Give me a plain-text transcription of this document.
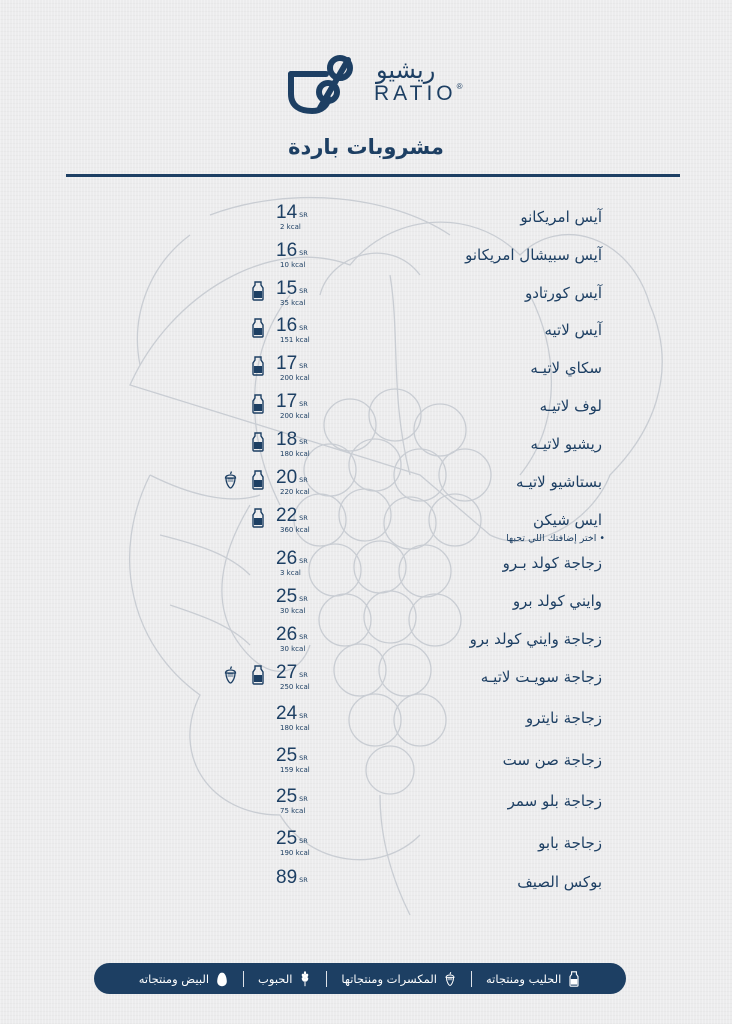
ريشيو
RATIO®
مشروبات باردة
آيس امريكانو
14 SR
2 kcal
آيس سبيشال امريكانو
16 SR
10 kcal
آيس كورتادو
15 SR
35 kcal
آيس لاتيه
16 SR
151 kcal
سكاي لاتيـه
17 SR
200 kcal
لوف لاتيـه
17 SR
200 kcal
ريشيو لاتيـه
18 SR
180 kcal
بستاشيو لاتيـه
20 SR
220 kcal
ايس شيكن
• اختر إضافتك اللي تحبها
22 SR
360 kcal
زجاجة كولد بـرو
26 SR
3 kcal
وايني كولد برو
25 SR
30 kcal
زجاجة وايني كولد برو
26 SR
30 kcal
زجاجة سويـت لاتيـه
27 SR
250 kcal
زجاجة نايترو
24 SR
180 kcal
زجاجة صن ست
25 SR
159 kcal
زجاجة بلو سمر
25 SR
75 kcal
زجاجة بابو
25 SR
190 kcal
بوكس الصيف
89 SR
الحليب ومنتجاته
المكسرات ومنتجاتها
الحبوب
البيض ومنتجاته
